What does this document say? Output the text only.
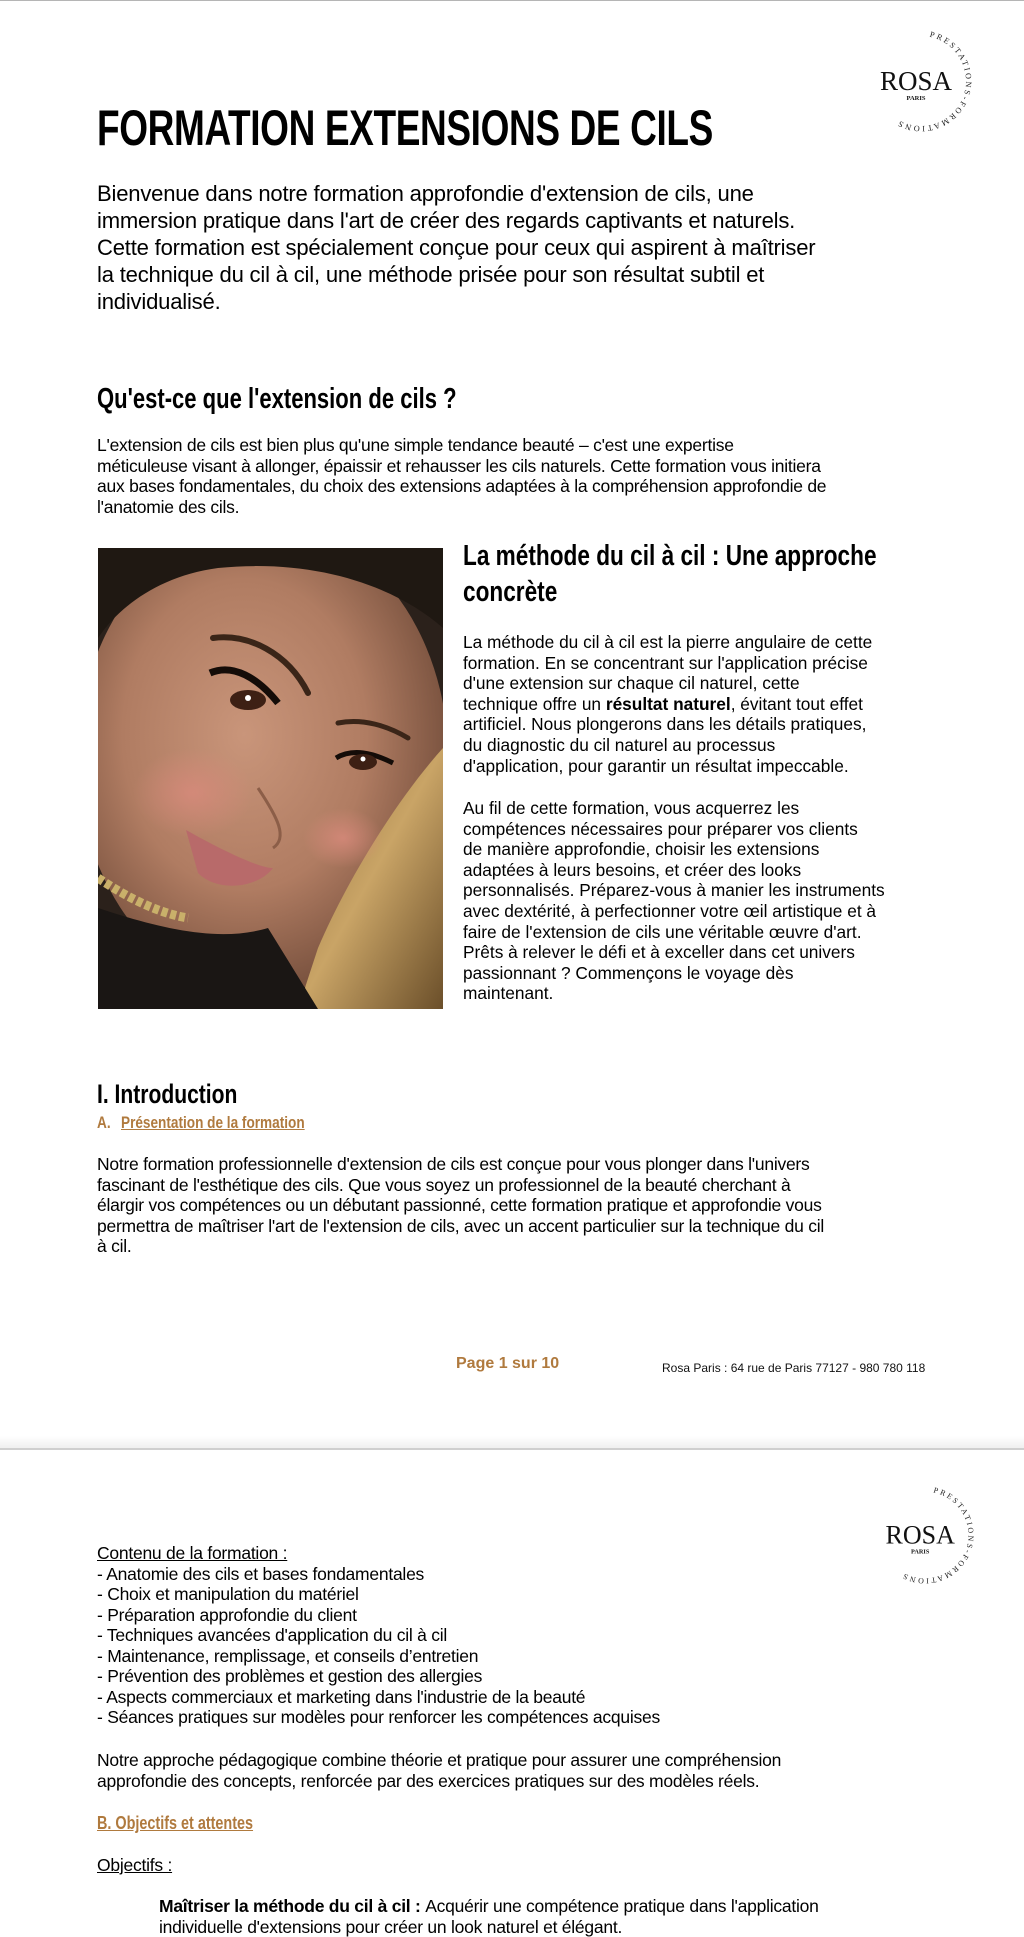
PRESTATIONS-FORMATIONS
ROSA
PARIS
FORMATION EXTENSIONS DE CILS
Bienvenue dans notre formation approfondie d'extension de cils, une
immersion pratique dans l'art de créer des regards captivants et naturels.
Cette formation est spécialement conçue pour ceux qui aspirent à maîtriser
la technique du cil à cil, une méthode prisée pour son résultat subtil et
individualisé.
Qu'est-ce que l'extension de cils ?
L'extension de cils est bien plus qu'une simple tendance beauté – c'est une expertise
méticuleuse visant à allonger, épaissir et rehausser les cils naturels. Cette formation vous initiera
aux bases fondamentales, du choix des extensions adaptées à la compréhension approfondie de
l'anatomie des cils.
La méthode du cil à cil : Une approche
concrète
La méthode du cil à cil est la pierre angulaire de cette
formation. En se concentrant sur l'application précise
d'une extension sur chaque cil naturel, cette
technique offre un résultat naturel, évitant tout effet
artificiel. Nous plongerons dans les détails pratiques,
du diagnostic du cil naturel au processus
d'application, pour garantir un résultat impeccable.
Au fil de cette formation, vous acquerrez les
compétences nécessaires pour préparer vos clients
de manière approfondie, choisir les extensions
adaptées à leurs besoins, et créer des looks
personnalisés. Préparez-vous à manier les instruments
avec dextérité, à perfectionner votre œil artistique et à
faire de l'extension de cils une véritable œuvre d'art.
Prêts à relever le défi et à exceller dans cet univers
passionnant ? Commençons le voyage dès
maintenant.
I. Introduction
A. Présentation de la formation
Notre formation professionnelle d'extension de cils est conçue pour vous plonger dans l'univers
fascinant de l'esthétique des cils. Que vous soyez un professionnel de la beauté cherchant à
élargir vos compétences ou un débutant passionné, cette formation pratique et approfondie vous
permettra de maîtriser l'art de l'extension de cils, avec un accent particulier sur la technique du cil
à cil.
Page 1 sur 10	Rosa Paris : 64 rue de Paris 77127 - 980 780 118
PRESTATIONS-FORMATIONS
ROSA
PARIS
Contenu de la formation :
- Anatomie des cils et bases fondamentales
- Choix et manipulation du matériel
- Préparation approfondie du client
- Techniques avancées d'application du cil à cil
- Maintenance, remplissage, et conseils d’entretien
- Prévention des problèmes et gestion des allergies
- Aspects commerciaux et marketing dans l'industrie de la beauté
- Séances pratiques sur modèles pour renforcer les compétences acquises
Notre approche pédagogique combine théorie et pratique pour assurer une compréhension
approfondie des concepts, renforcée par des exercices pratiques sur des modèles réels.
B. Objectifs et attentes
Objectifs :
Maîtriser la méthode du cil à cil : Acquérir une compétence pratique dans l'application
individuelle d'extensions pour créer un look naturel et élégant.
